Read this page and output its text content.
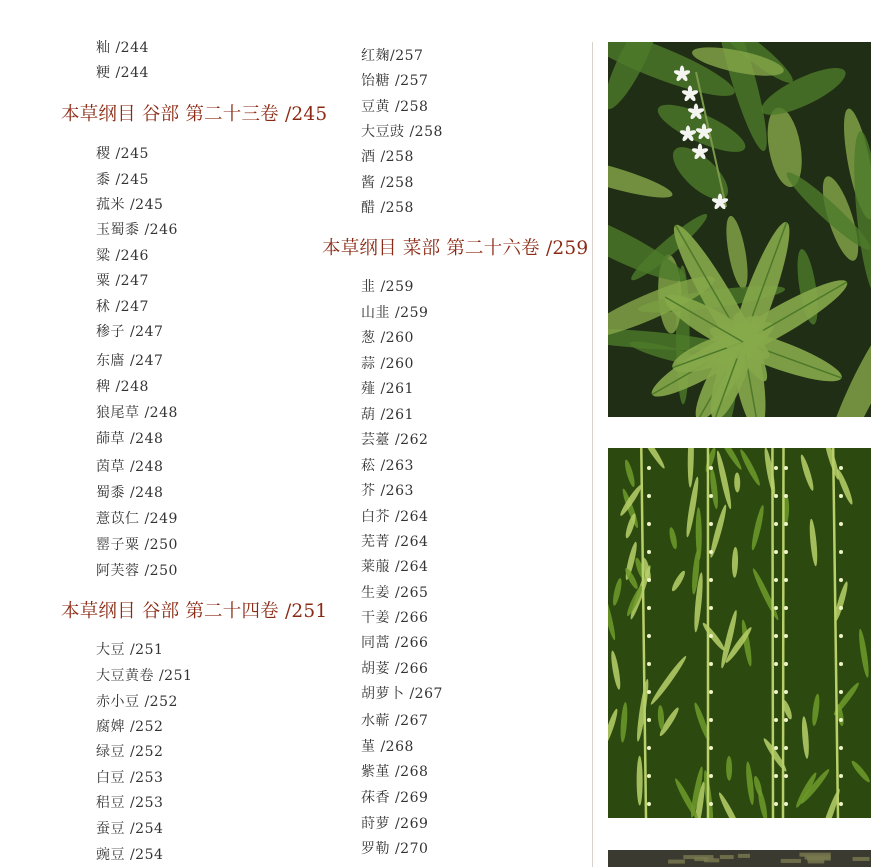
籼 /244
粳 /244
本草纲目 谷部 第二十三卷 /245
稷 /245
黍 /245
菰米 /245
玉蜀黍 /246
粱 /246
粟 /247
秫 /247
䅟子 /247
东廧 /247
稗 /248
狼尾草 /248
蒒草 /248
茵草 /248
蜀黍 /248
薏苡仁 /249
罂子粟 /250
阿芙蓉 /250
本草纲目 谷部 第二十四卷 /251
大豆 /251
大豆黄卷 /251
赤小豆 /252
腐婢 /252
绿豆 /252
白豆 /253
稆豆 /253
蚕豆 /254
豌豆 /254
红麹/257
饴糖 /257
豆黄 /258
大豆豉 /258
酒 /258
酱 /258
醋 /258
本草纲目 菜部 第二十六卷 /259
韭 /259
山韭 /259
葱 /260
蒜 /260
薤 /261
葫 /261
芸薹 /262
菘 /263
芥 /263
白芥 /264
芜菁 /264
莱菔 /264
生姜 /265
干姜 /266
同蒿 /266
胡荽 /266
胡萝卜 /267
水蕲 /267
堇 /268
紫堇 /268
茠香 /269
莳萝 /269
罗勒 /270
